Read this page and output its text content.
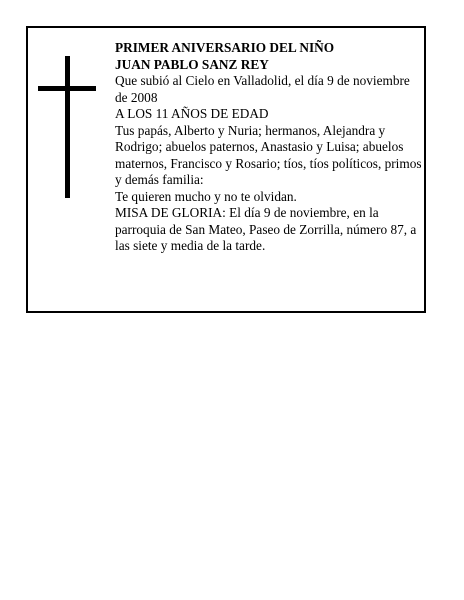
PRIMER ANIVERSARIO DEL NIÑO

JUAN PABLO SANZ REY

Que subió al Cielo en Valladolid, el día 9 de noviembre de 2008

A LOS 11 AÑOS DE EDAD

Tus papás, Alberto y Nuria; hermanos, Alejandra y Rodrigo; abuelos paternos, Anastasio y Luisa; abuelos maternos, Francisco y Rosario; tíos, tíos políticos, primos y demás familia:

Te quieren mucho y no te olvidan.

MISA DE GLORIA: El día 9 de noviembre, en la parroquia de San Mateo, Paseo de Zorrilla, número 87, a las siete y media de la tarde.
